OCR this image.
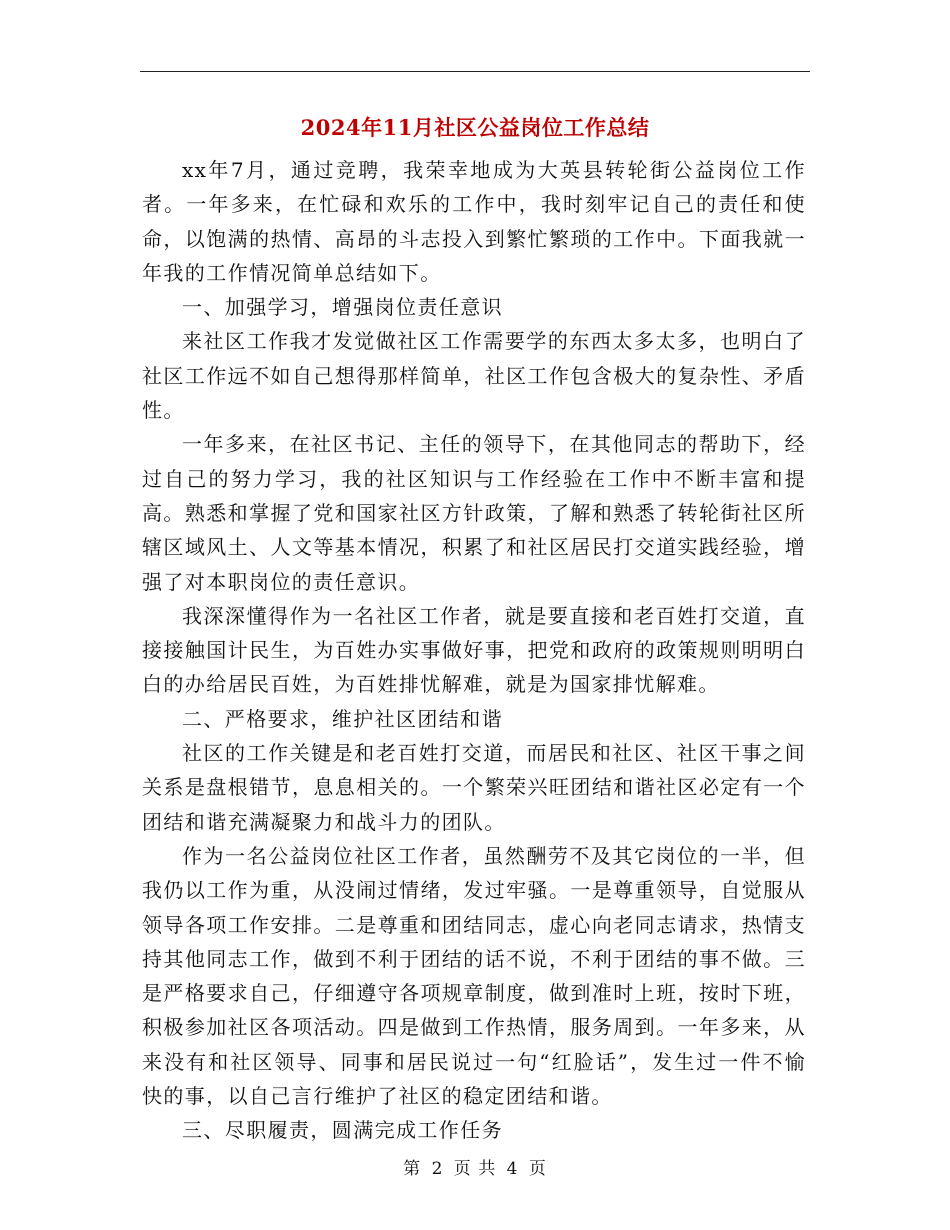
2024年11月社区公益岗位工作总结

xx年7月，通过竞聘，我荣幸地成为大英县转轮街公益岗位工作者。一年多来，在忙碌和欢乐的工作中，我时刻牢记自己的责任和使命，以饱满的热情、高昂的斗志投入到繁忙繁琐的工作中。下面我就一年我的工作情况简单总结如下。

一、加强学习，增强岗位责任意识

来社区工作我才发觉做社区工作需要学的东西太多太多，也明白了社区工作远不如自己想得那样简单，社区工作包含极大的复杂性、矛盾性。

一年多来，在社区书记、主任的领导下，在其他同志的帮助下，经过自己的努力学习，我的社区知识与工作经验在工作中不断丰富和提高。熟悉和掌握了党和国家社区方针政策，了解和熟悉了转轮街社区所辖区域风土、人文等基本情况，积累了和社区居民打交道实践经验，增强了对本职岗位的责任意识。

我深深懂得作为一名社区工作者，就是要直接和老百姓打交道，直接接触国计民生，为百姓办实事做好事，把党和政府的政策规则明明白白的办给居民百姓，为百姓排忧解难，就是为国家排忧解难。

二、严格要求，维护社区团结和谐

社区的工作关键是和老百姓打交道，而居民和社区、社区干事之间关系是盘根错节，息息相关的。一个繁荣兴旺团结和谐社区必定有一个团结和谐充满凝聚力和战斗力的团队。

作为一名公益岗位社区工作者，虽然酬劳不及其它岗位的一半，但我仍以工作为重，从没闹过情绪，发过牢骚。一是尊重领导，自觉服从领导各项工作安排。二是尊重和团结同志，虚心向老同志请求，热情支持其他同志工作，做到不利于团结的话不说，不利于团结的事不做。三是严格要求自己，仔细遵守各项规章制度，做到准时上班，按时下班，积极参加社区各项活动。四是做到工作热情，服务周到。一年多来，从来没有和社区领导、同事和居民说过一句“红脸话”，发生过一件不愉快的事，以自己言行维护了社区的稳定团结和谐。

三、尽职履责，圆满完成工作任务

第 2 页 共 4 页
